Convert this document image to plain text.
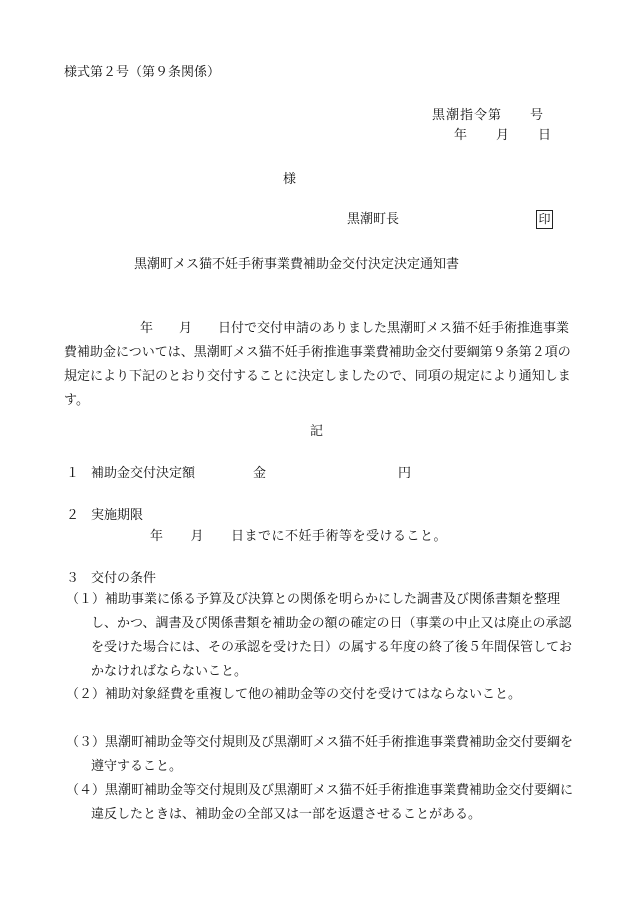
様式第２号（第９条関係）
黒潮指令第　　号
年　　月　　日
様
黒潮町長	印
黒潮町メス猫不妊手術事業費補助金交付決定決定通知書
年　　月　　日付で交付申請のありました黒潮町メス猫不妊手術推進事業費補助金については、黒潮町メス猫不妊手術推進事業費補助金交付要綱第９条第２項の規定により下記のとおり交付することに決定しましたので、同項の規定により通知します。
記
１ 補助金交付決定額	金	円
２ 実施期限
年　　月　　日までに不妊手術等を受けること。
３ 交付の条件
（１） 補助事業に係る予算及び決算との関係を明らかにした調書及び関係書類を整理し、かつ、調書及び関係書類を補助金の額の確定の日（事業の中止又は廃止の承認を受けた場合には、その承認を受けた日）の属する年度の終了後５年間保管しておかなければならないこと。
（２） 補助対象経費を重複して他の補助金等の交付を受けてはならないこと。
（３） 黒潮町補助金等交付規則及び黒潮町メス猫不妊手術推進事業費補助金交付要綱を遵守すること。
（４） 黒潮町補助金等交付規則及び黒潮町メス猫不妊手術推進事業費補助金交付要綱に違反したときは、補助金の全部又は一部を返還させることがある。
